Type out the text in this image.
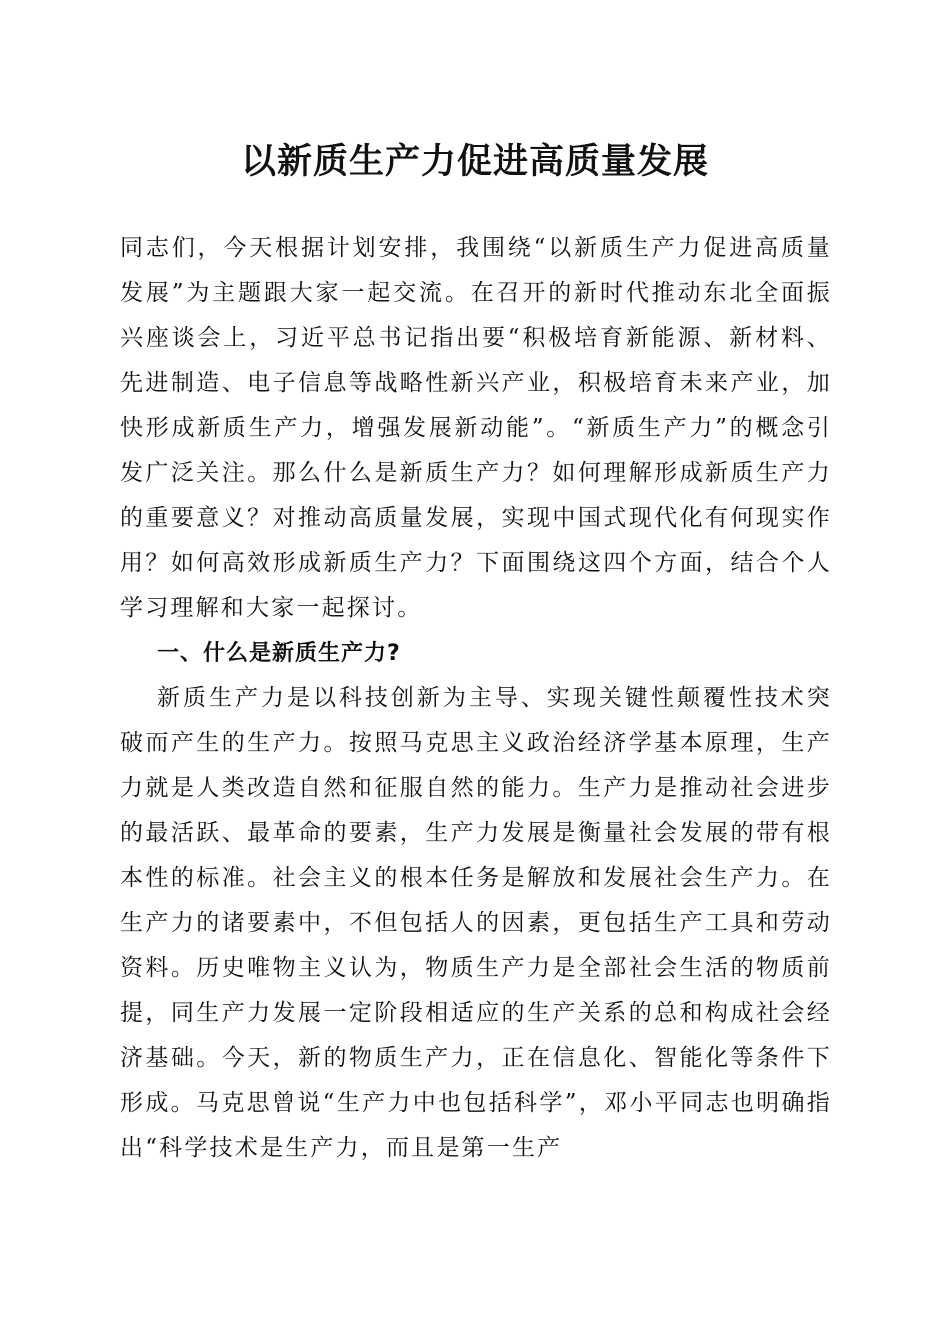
以新质生产力促进高质量发展

同志们，今天根据计划安排，我围绕“以新质生产力促进高质量发展”为主题跟大家一起交流。在召开的新时代推动东北全面振兴座谈会上，习近平总书记指出要“积极培育新能源、新材料、先进制造、电子信息等战略性新兴产业，积极培育未来产业，加快形成新质生产力，增强发展新动能”。“新质生产力”的概念引发广泛关注。那么什么是新质生产力？如何理解形成新质生产力的重要意义？对推动高质量发展，实现中国式现代化有何现实作用？如何高效形成新质生产力？下面围绕这四个方面，结合个人学习理解和大家一起探讨。

一、什么是新质生产力?

新质生产力是以科技创新为主导、实现关键性颠覆性技术突破而产生的生产力。按照马克思主义政治经济学基本原理，生产力就是人类改造自然和征服自然的能力。生产力是推动社会进步的最活跃、最革命的要素，生产力发展是衡量社会发展的带有根本性的标准。社会主义的根本任务是解放和发展社会生产力。在生产力的诸要素中，不但包括人的因素，更包括生产工具和劳动资料。历史唯物主义认为，物质生产力是全部社会生活的物质前提，同生产力发展一定阶段相适应的生产关系的总和构成社会经济基础。今天，新的物质生产力，正在信息化、智能化等条件下形成。马克思曾说“生产力中也包括科学”，邓小平同志也明确指出“科学技术是生产力，而且是第一生产
